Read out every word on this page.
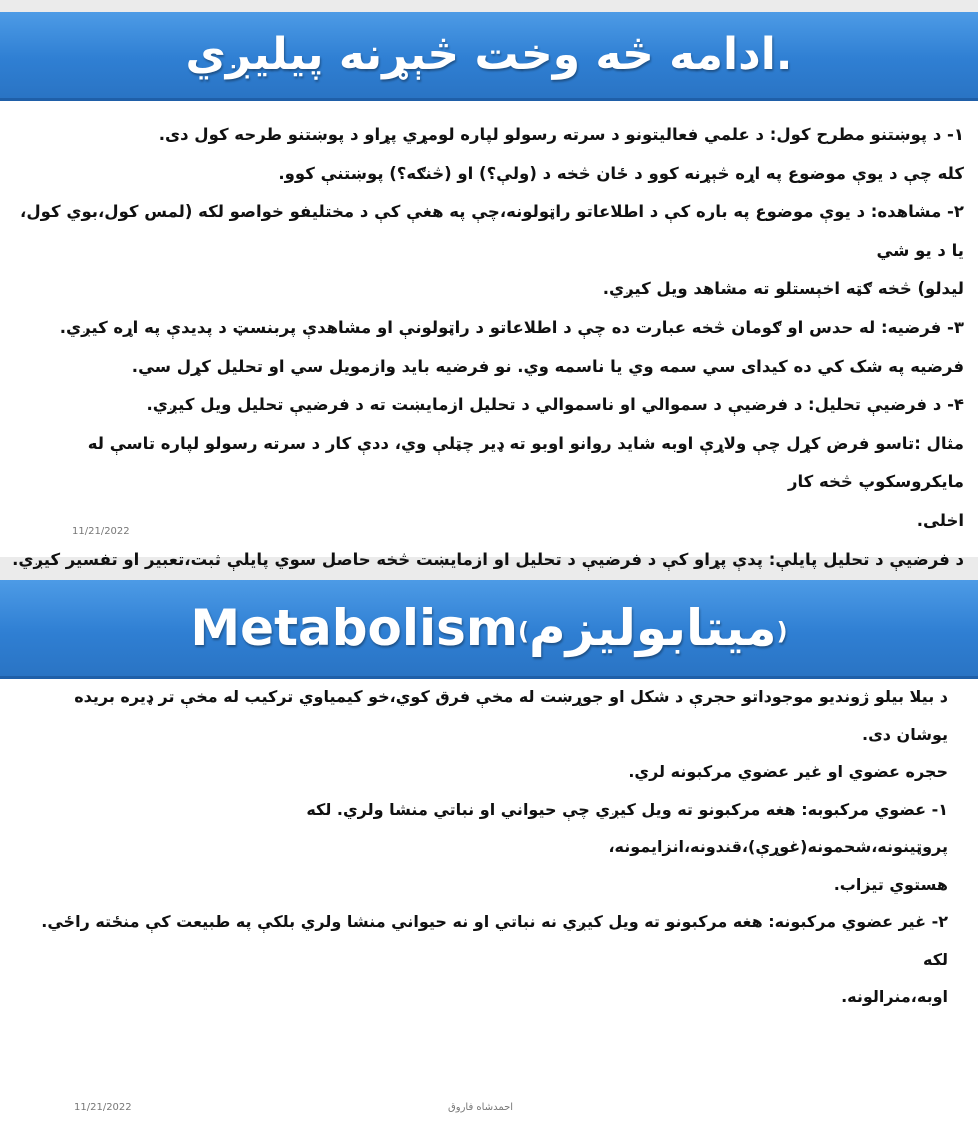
ادامه څه وخت څېړنه پيليږي.

۱- د پوښتنو مطرح کول: د علمي فعاليتونو د سرته رسولو لپاره لومړي پړاو د پوښتنو طرحه کول دی.

کله چې د يوې موضوع په اړه څېړنه کوو د ځان څخه د (ولې؟) او (څنګه؟) پوښتنې کوو.

۲- مشاهده: د يوې موضوع په باره کې د اطلاعاتو راټولونه،چې په هغې کې د مختليفو خواصو لکه (لمس کول،بوي کول، يا د يو شي

ليدلو) څخه ګټه اخېستلو ته مشاهد ويل کيږي.

۳- فرضيه: له حدس او ګومان څخه عبارت ده چې د اطلاعاتو د راټولونې او مشاهدې پربنسټ د پديدې په اړه کيږي.

فرضيه په شک کي ده کيدای سي سمه وي يا ناسمه وي. نو فرضيه بايد وازمويل سي او تحليل کړل سي.

۴- د فرضيې تحليل: د فرضيې د سموالي او ناسموالي د تحليل ازمايښت ته د فرضيې تحليل ويل کيږي.

مثال :تاسو فرض کړل چې ولاړې اوبه شايد روانو اوبو ته ډير چټلې وي، ددې کار د سرته رسولو لپاره تاسې له مايکروسکوپ څخه کار

اخلی.

د فرضيې د تحليل پايلې: پدې پړاو کې د فرضيې د تحليل او ازمايښت څخه حاصل سوي پايلې ثبت،تعبير او تفسير کيږي.

11/21/2022
Metabolism(ميتابوليزم)

د بيلا بيلو ژونديو موجوداتو حجرې د شکل او جوړښت له مخې فرق کوي،خو کيمياوي ترکيب له مخې تر ډيره بريده يوشان دی.

حجره عضوي او غير عضوي مرکبونه لري.

۱- عضوي مرکبوبه: هغه مرکبونو ته ويل کيږي چې حيواني او نباتي منشا ولري. لکه پروټينونه،شحمونه(غوړې)،قندونه،انزايمونه،

هستوي تيزاب.

۲- غير عضوي مرکبونه: هغه مرکبونو ته ويل کيږي نه نباتي او نه حيواني منشا ولري بلکې په طبيعت کې منځته راځي. لکه

اوبه،منرالونه.

11/21/2022	احمدشاه فاروق
